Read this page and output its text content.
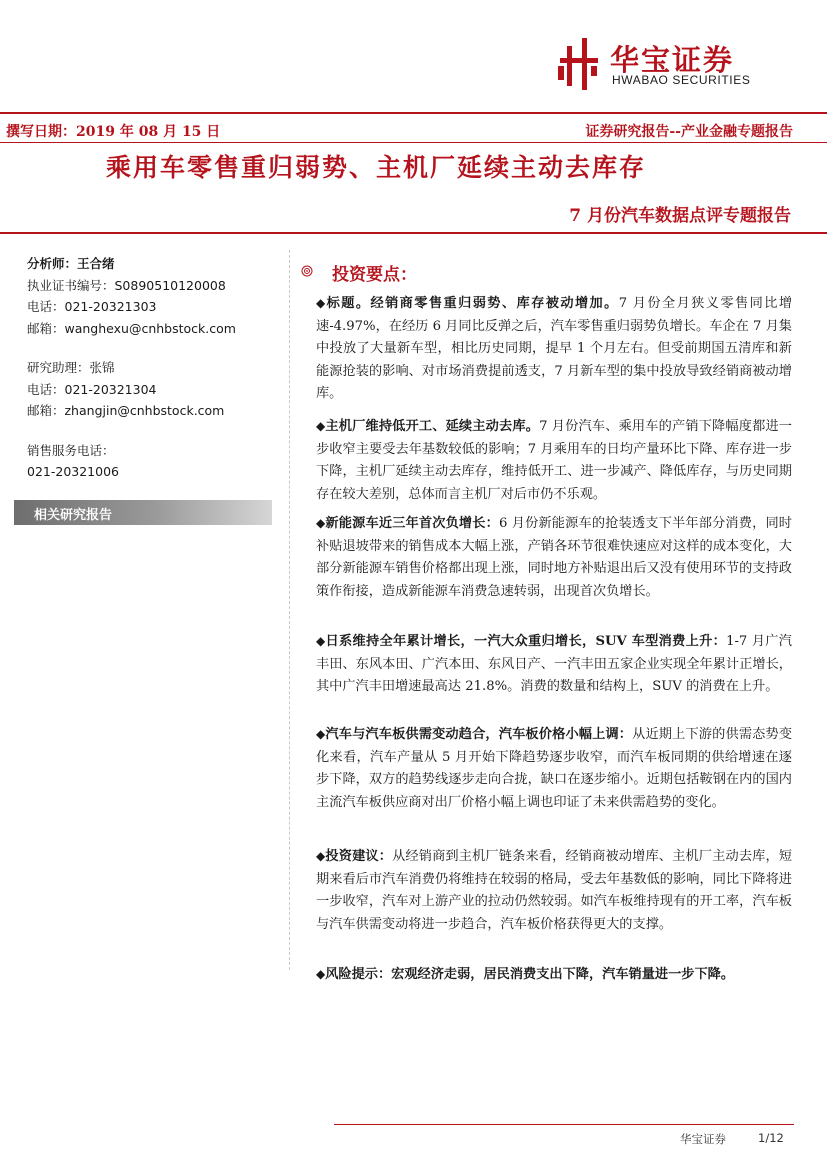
华宝证券
HWABAO SECURITIES
撰写日期：2019 年 08 月 15 日	证券研究报告--产业金融专题报告
乘用车零售重归弱势、主机厂延续主动去库存
7 月份汽车数据点评专题报告
分析师：王合绪
执业证书编号：S0890510120008
电话：021-20321303
邮箱：wanghexu@cnhbstock.com
研究助理：张锦
电话：021-20321304
邮箱：zhangjin@cnhbstock.com
销售服务电话：
021-20321006
相关研究报告
投资要点：
◆标题。经销商零售重归弱势、库存被动增加。7 月份全月狭义零售同比增速-4.97%，在经历 6 月同比反弹之后，汽车零售重归弱势负增长。车企在 7 月集中投放了大量新车型，相比历史同期，提早 1 个月左右。但受前期国五清库和新能源抢装的影响、对市场消费提前透支，7 月新车型的集中投放导致经销商被动增库。
◆主机厂维持低开工、延续主动去库。7 月份汽车、乘用车的产销下降幅度都进一步收窄主要受去年基数较低的影响；7 月乘用车的日均产量环比下降、库存进一步下降，主机厂延续主动去库存，维持低开工、进一步减产、降低库存，与历史同期存在较大差别，总体而言主机厂对后市仍不乐观。
◆新能源车近三年首次负增长：6 月份新能源车的抢装透支下半年部分消费，同时补贴退坡带来的销售成本大幅上涨，产销各环节很难快速应对这样的成本变化，大部分新能源车销售价格都出现上涨，同时地方补贴退出后又没有使用环节的支持政策作衔接，造成新能源车消费急速转弱，出现首次负增长。
◆日系维持全年累计增长，一汽大众重归增长，SUV 车型消费上升：1-7 月广汽丰田、东风本田、广汽本田、东风日产、一汽丰田五家企业实现全年累计正增长，其中广汽丰田增速最高达 21.8%。消费的数量和结构上，SUV 的消费在上升。
◆汽车与汽车板供需变动趋合，汽车板价格小幅上调：从近期上下游的供需态势变化来看，汽车产量从 5 月开始下降趋势逐步收窄，而汽车板同期的供给增速在逐步下降，双方的趋势线逐步走向合拢，缺口在逐步缩小。近期包括鞍钢在内的国内主流汽车板供应商对出厂价格小幅上调也印证了未来供需趋势的变化。
◆投资建议：从经销商到主机厂链条来看，经销商被动增库、主机厂主动去库，短期来看后市汽车消费仍将维持在较弱的格局，受去年基数低的影响，同比下降将进一步收窄，汽车对上游产业的拉动仍然较弱。如汽车板维持现有的开工率，汽车板与汽车供需变动将进一步趋合，汽车板价格获得更大的支撑。
◆风险提示：宏观经济走弱，居民消费支出下降，汽车销量进一步下降。
华宝证券	1/12
